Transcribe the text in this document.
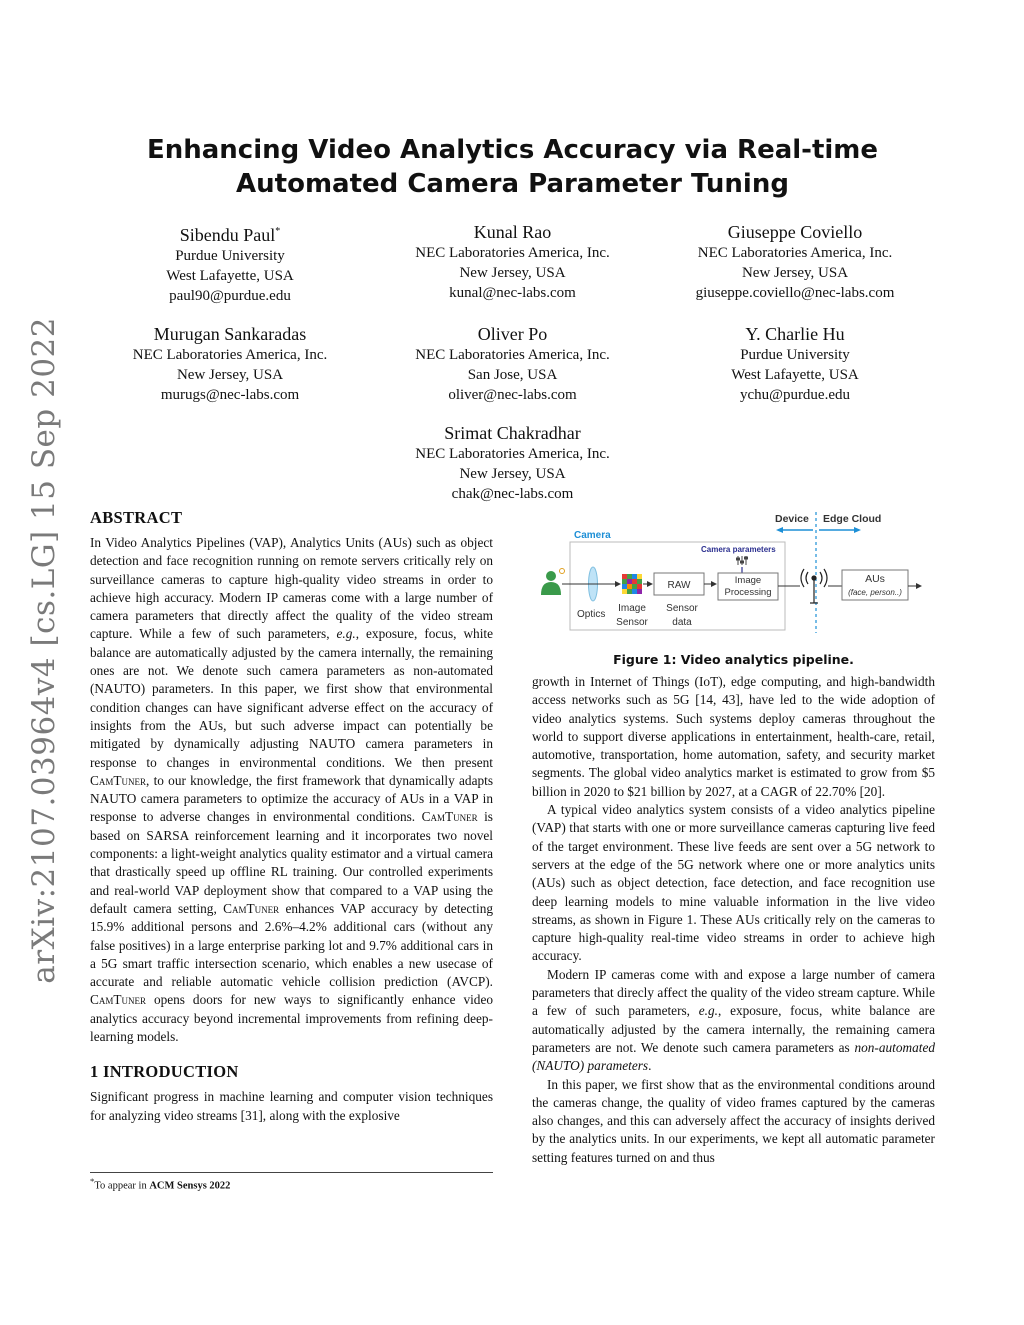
arXiv:2107.03964v4 [cs.LG] 15 Sep 2022
Enhancing Video Analytics Accuracy via Real-time Automated Camera Parameter Tuning
Sibendu Paul*
Purdue University
West Lafayette, USA
paul90@purdue.edu
Kunal Rao
NEC Laboratories America, Inc.
New Jersey, USA
kunal@nec-labs.com
Giuseppe Coviello
NEC Laboratories America, Inc.
New Jersey, USA
giuseppe.coviello@nec-labs.com
Murugan Sankaradas
NEC Laboratories America, Inc.
New Jersey, USA
murugs@nec-labs.com
Oliver Po
NEC Laboratories America, Inc.
San Jose, USA
oliver@nec-labs.com
Y. Charlie Hu
Purdue University
West Lafayette, USA
ychu@purdue.edu
Srimat Chakradhar
NEC Laboratories America, Inc.
New Jersey, USA
chak@nec-labs.com
ABSTRACT

In Video Analytics Pipelines (VAP), Analytics Units (AUs) such as object detection and face recognition running on remote servers critically rely on surveillance cameras to capture high-quality video streams in order to achieve high accuracy. Modern IP cameras come with a large number of camera parameters that directly affect the quality of the video stream capture. While a few of such parameters, e.g., exposure, focus, white balance are automatically adjusted by the camera internally, the remaining ones are not. We denote such camera parameters as non-automated (NAUTO) parameters. In this paper, we first show that environmental condition changes can have significant adverse effect on the accuracy of insights from the AUs, but such adverse impact can potentially be mitigated by dynamically adjusting NAUTO camera parameters in response to changes in environmental conditions. We then present CamTuner, to our knowledge, the first framework that dynamically adapts NAUTO camera parameters to optimize the accuracy of AUs in a VAP in response to adverse changes in environmental conditions. CamTuner is based on SARSA reinforcement learning and it incorporates two novel components: a light-weight analytics quality estimator and a virtual camera that drastically speed up offline RL training. Our controlled experiments and real-world VAP deployment show that compared to a VAP using the default camera setting, CamTuner enhances VAP accuracy by detecting 15.9% additional persons and 2.6%–4.2% additional cars (without any false positives) in a large enterprise parking lot and 9.7% additional cars in a 5G smart traffic intersection scenario, which enables a new usecase of accurate and reliable automatic vehicle collision prediction (AVCP). CamTuner opens doors for new ways to significantly enhance video analytics accuracy beyond incremental improvements from refining deep-learning models.

1 INTRODUCTION

Significant progress in machine learning and computer vision techniques for analyzing video streams [31], along with the explosive

*To appear in ACM Sensys 2022
Device Edge Cloud
Camera
Camera parameters
Optics
Image
Sensor
RAW
Sensor
data
Image
Processing
AUs
(face, person..)
Figure 1: Video analytics pipeline.

growth in Internet of Things (IoT), edge computing, and high-bandwidth access networks such as 5G [14, 43], have led to the wide adoption of video analytics systems. Such systems deploy cameras throughout the world to support diverse applications in entertainment, health-care, retail, automotive, transportation, home automation, safety, and security market segments. The global video analytics market is estimated to grow from $5 billion in 2020 to $21 billion by 2027, at a CAGR of 22.70% [20].

A typical video analytics system consists of a video analytics pipeline (VAP) that starts with one or more surveillance cameras capturing live feed of the target environment. These live feeds are sent over a 5G network to servers at the edge of the 5G network where one or more analytics units (AUs) such as object detection, face detection, and face recognition use deep learning models to mine valuable information in the live video streams, as shown in Figure 1. These AUs critically rely on the cameras to capture high-quality real-time video streams in order to achieve high accuracy.

Modern IP cameras come with and expose a large number of camera parameters that direcly affect the quality of the video stream capture. While a few of such parameters, e.g., exposure, focus, white balance are automatically adjusted by the camera internally, the remaining camera parameters are not. We denote such camera parameters as non-automated (NAUTO) parameters.

In this paper, we first show that as the environmental conditions around the cameras change, the quality of video frames captured by the cameras also changes, and this can adversely affect the accuracy of insights derived by the analytics units. In our experiments, we kept all automatic parameter setting features turned on and thus
